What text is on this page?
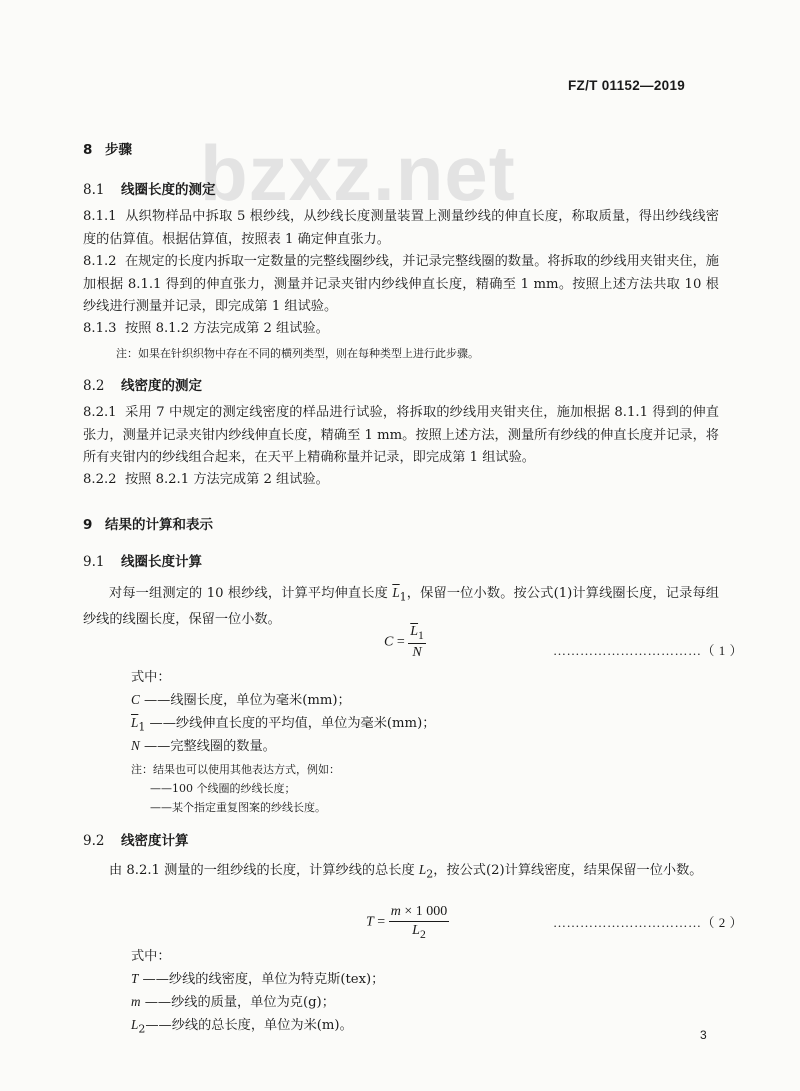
FZ/T 01152—2019
bzxz.net
8 步骤
8.1 线圈长度的测定
8.1.1 从织物样品中拆取 5 根纱线，从纱线长度测量装置上测量纱线的伸直长度，称取质量，得出纱线线密度的估算值。根据估算值，按照表 1 确定伸直张力。
8.1.2 在规定的长度内拆取一定数量的完整线圈纱线，并记录完整线圈的数量。将拆取的纱线用夹钳夹住，施加根据 8.1.1 得到的伸直张力，测量并记录夹钳内纱线伸直长度，精确至 1 mm。按照上述方法共取 10 根纱线进行测量并记录，即完成第 1 组试验。
8.1.3 按照 8.1.2 方法完成第 2 组试验。
注：如果在针织织物中存在不同的横列类型，则在每种类型上进行此步骤。
8.2 线密度的测定
8.2.1 采用 7 中规定的测定线密度的样品进行试验，将拆取的纱线用夹钳夹住，施加根据 8.1.1 得到的伸直张力，测量并记录夹钳内纱线伸直长度，精确至 1 mm。按照上述方法，测量所有纱线的伸直长度并记录，将所有夹钳内的纱线组合起来，在天平上精确称量并记录，即完成第 1 组试验。
8.2.2 按照 8.2.1 方法完成第 2 组试验。
9 结果的计算和表示
9.1 线圈长度计算
对每一组测定的 10 根纱线，计算平均伸直长度 $\overline{L}_1$，保留一位小数。按公式(1)计算线圈长度，记录每组纱线的线圈长度，保留一位小数。
$C = \frac{\overline{L}_1}{N}$	……………………………（ 1 ）
式中：
C ——线圈长度，单位为毫米(mm)；
$\overline{L}_1$ ——纱线伸直长度的平均值，单位为毫米(mm)；
N ——完整线圈的数量。
注：结果也可以使用其他表达方式，例如：
——100 个线圈的纱线长度；
——某个指定重复图案的纱线长度。
9.2 线密度计算
由 8.2.1 测量的一组纱线的长度，计算纱线的总长度 $L_2$，按公式(2)计算线密度，结果保留一位小数。
$T = \frac{m \times 1 000}{L_2}$	……………………………（ 2 ）
式中：
T ——纱线的线密度，单位为特克斯(tex)；
m ——纱线的质量，单位为克(g)；
$L_2——$纱线的总长度，单位为米(m)。
3
